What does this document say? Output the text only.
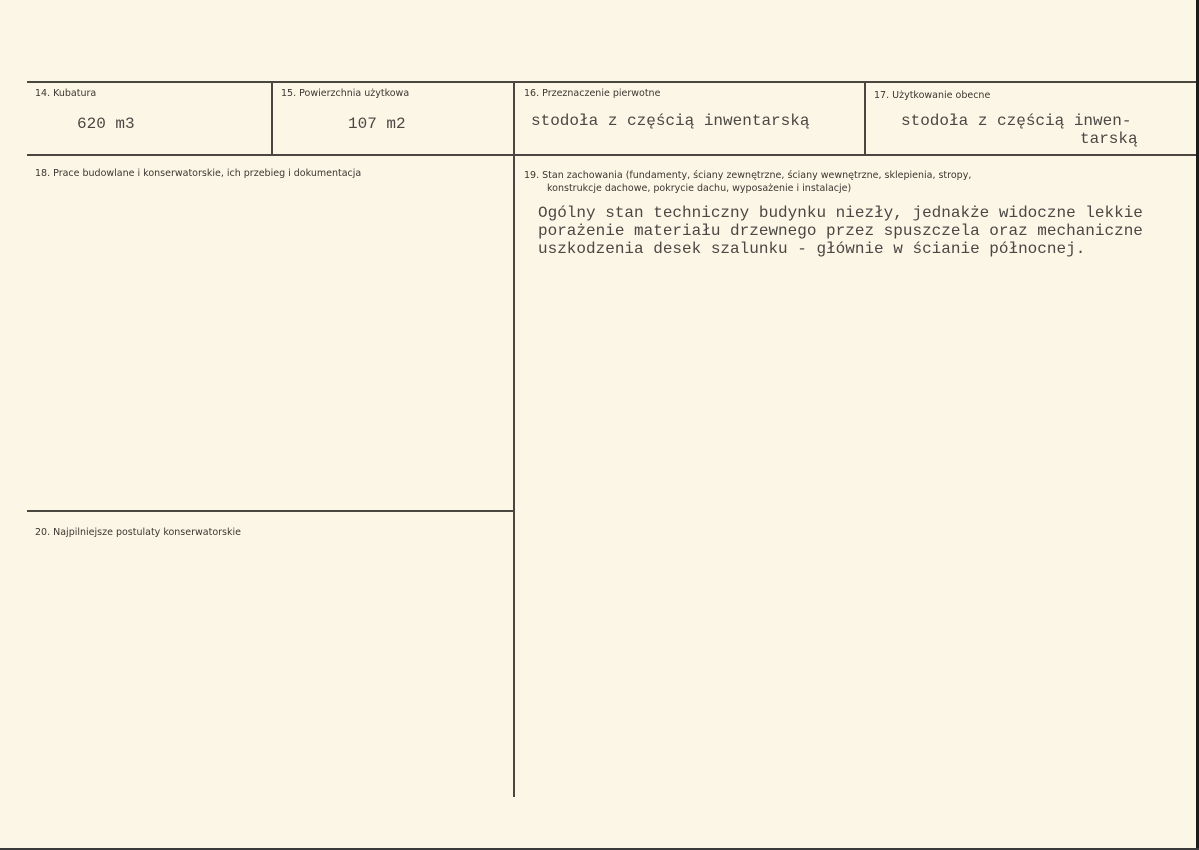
14. Kubatura
620 m3
15. Powierzchnia użytkowa
107 m2
16. Przeznaczenie pierwotne
stodoła z częścią inwentarską
17. Użytkowanie obecne
stodoła z częścią inwen-
tarską
18. Prace budowlane i konserwatorskie, ich przebieg i dokumentacja	19. Stan zachowania (fundamenty, ściany zewnętrzne, ściany wewnętrzne, sklepienia, stropy,
konstrukcje dachowe, pokrycie dachu, wyposażenie i instalacje)
Ogólny stan techniczny budynku niezły, jednakże widoczne lekkie
porażenie materiału drzewnego przez spuszczela oraz mechaniczne
uszkodzenia desek szalunku - głównie w ścianie północnej.
20. Najpilniejsze postulaty konserwatorskie
